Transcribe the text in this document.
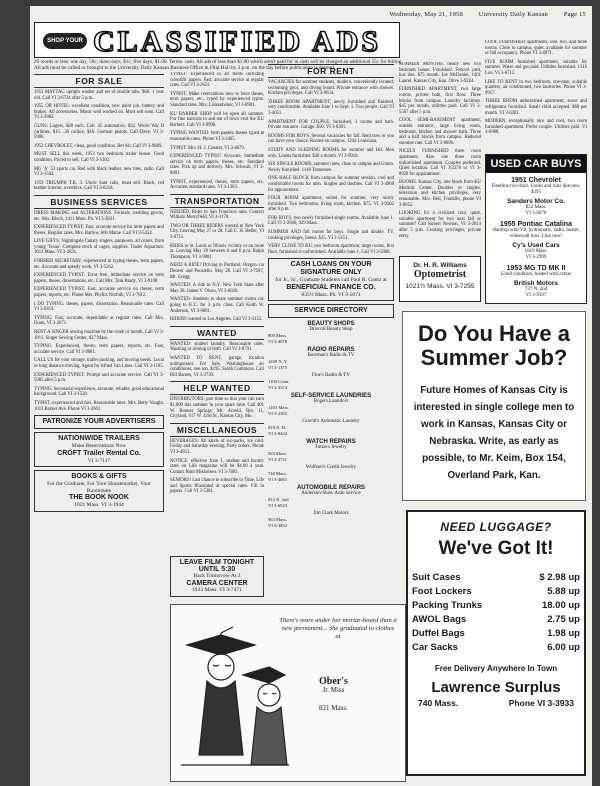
Wednesday, May 21, 1958 University Daily Kansan Page 15
SHOP YOUR CLASSIFIED ADS
20 words or less: one day, 50c; three days, $1c; five days, $1.00. Terms: cash. All ads of less than $1.00 which aren't paid for in cash will be charged an additional 25c for billing. All ads must be called or brought to the University Daily Kansan Business Office in Flint Hall by 3 p.m. on the day before publication is desired.
FOR SALE

1953 MAYTAG upright washer and set of double tubs. $60. 1 year old. Call VI 3-6724 after 5 p.m.

1955 OR HOTEL: excellent condition, new paint job, battery and brakes. All accessories. Motor well worked on. Must sell soon. Call VI 3-2882.

GUNS: Lugers, $28 each. Colt .45 automatics, $32. World War II carbines, $15. .30 calibre, $16. German pistols. Call Dave, VI 3-5906.

1952 CHEVROLET, clean, good condition. Bel Air. Call VI 3-9889.

MUST SELL this week, 1953 two bedroom trailer house. Good condition. Priced to sell. Call VI 3-1102.

MG 'A' '53 sports car. Red with black leather, new tires, radio. Call VI 3-1564.

1959 TRIUMPH T.R. 3. Uncle Sam calls, must sell. Black, red leather interior, overdrive. Call VI 3-8218.

BUSINESS SERVICES

DRESS MAKING and ALTERATIONS. Formals, wedding gowns, etc. Mrs. Bloch, 1411 Mass. Ph. VI 3-3041.

EXPERIENCED TYPIST: Fast, accurate service for term papers and theses. Regular rates. Mrs. Barlow, 606 Maine. Call VI 3-5454.

LIVE GIFTS: Nightingale Canary singers, parakeets, all colors, from young 'Texas'. Complete stock of cages, supplies. Trader Aquarium. 1613 Mass. VI 3-2831.

FORMER SECRETARY, experienced in typing theses, term papers, etc. Accurate and speedy work. VI 3-5262.

EXPERIENCED TYPIST: Error free, immediate service on term papers, theses, dissertations, etc. Call Mrs. Tom Brady, VI 3-9108.

EXPERIENCED TYPIST: Fast, accurate service on theses, term papers, reports, etc. Phone Mrs. Phyllis Norfolk, VI 3-7812.

I DO TYPING: theses, papers, dissertation. Reasonable rates. Call VI 3-9413.

TYPING: Fast, accurate, dependable at regular rates. Call Mrs. Dunn, VI 3-2671.

RENT A SINGER sewing machine by the week or month. Call VI 3-1811. Singer Sewing Center, 827 Mass.

TYPING: Experienced, theses, term papers, reports, etc. Fast, accurate service. Call VI 3-9881.

CALL US for your storage, trailer packing, and moving needs. Local or long distance moving. Agent for Allied Van Lines. Call VI 3-1185.

EXPERIENCED TYPIST: Prompt and accurate service. Call VI 3-5985 after 5 p.m.

TYPING: Secretarial experience, accurate, reliable, good educational background. Call VI 3-1528.

TYPIST, experienced and fast. Reasonable rates. Mrs. Betty Vaught. 1013 Barker Ave. Phone VI 3-2661.

PATRONIZE YOUR ADVERTISERS
NATIONWIDE TRAILERS
Make Reservations Now

CROFT Trailer Rental Co.
VI 3-7117
BOOKS & GIFTS
For the Graduate, For Your Housemother, Your Roommate
THE BOOK NOOK
1021 Mass. VI 3-1944

TYPIST: Experienced in all fields including scientific papers. Fast, accurate service at regular rates. Call VI 3-2623.

TYPIST: Make reservations now to have theses, term papers, etc., typed by experienced typist. Standard rates. Mrs. Linkenhoker, VI 3-8981.

KU BARBER SHOP will be open all summer. For fine haircuts in and out of town visit the KU Barbers. Call VI 3-9906.

TYPING WANTED: term papers, theses typed at reasonable rates. Phone VI 3-3465.

TYPIST: Mrs. H. J. Coester, VI 3-4679.

EXPERIENCED TYPIST: Accurate, immediate service on term papers, theses, etc. Standard rates. Pick up and delivery. Mrs. Schwab, VI 3-8801.

TYPIST, experienced, theses, term papers, etc. Accurate, standard rates. VI 3-1363.

TRANSPORTATION

NEEDED: Rider to San Francisco area. Contact William Merryfield, VI 3-1170.

TWO OR THREE RIDERS wanted to New York City. Leaving May 27 or 28. Call C. H. Heller, VI 3-9711.

RIDES to St. Louis or Illinois vicinity or on route at. Leaving May 28 between 6 and 6 p.m. Ralph Thompson, VI 3-9881.

NEED A RIDE? Driving to Portland, Oregon via Denver and Pocatello. May 28. Call VI 3-7587, Mr. Gregg.

WANTED: A ride to N.Y. New York State after May 28. James V. Olson, VI 3-6020.

WANTED: Students to share summer rooms car going to K.C. for 3 p.m. class. Call Keith W. Anderson, VI 3-6081.

RIDERS wanted to Los Angeles. Call VI 3-3152.

WANTED

WANTED: student laundry. Reasonable rates. Washing or ironing or both. Call VI 3-8791.

WANTED TO RENT, garage, location unimportant. For Sale, Washinghouse air conditioner, one ton. $195. South Commons. Call Bill Barnes, VI 3-3739.

HELP WANTED

DISTRIBUTORS: part time so that your can earn $1,000 this summer in your spare time. Call 401 W. Bonner Springs. Mr. Arnold, Rm. 11, Cityland, 617 W. 43rd St., Kansas City, Mo.

MISCELLANEOUS

BEVERAGES: All kinds of six-packs, ice cold. Friday and Saturday evening. Party orders. Phone VI 3-4813.

NOTICE: effective June 1, student and faculty rates on Life magazine will be $4.00 a year. Contact Ruth Mikkelsen. VI 3-7883.

SENIORS! Last chance to subscribe to Time, Life and Sports Illustrated at special rates. Fill in papers. Call VI 3-5381.

LEAVE FILM TONIGHT UNTIL 5:30
Back Tomorrow At 2

CAMERA CENTER
1033 Mass. VI 3-7471
FOR RENT

VACANCIES for summer students, modern, conveniently located; swimming pool, and diving board. Private entrance with shower. Kitchen privileges. Call VI 3-9654.

THREE ROOM APARTMENT, newly furnished and finished, very comfortable. Available June 1 to Sept. 1. Two people. Call VI 3-4051.

APARTMENT FOR COUPLE, furnished, 3 rooms and bath. Private entrance. Garage. $50. VI 3-6381.

ROOMS FOR BOYS. Several vacancies for fall. Rent now or you can have your choice. Rooms on campus. 1244 Louisiana.

STUDY AND SLEEPING ROOMS for summer and fall. Men only. Linens furnished. $30 a month. VI 3-9910.

SIX SINGLE ROOMS, summer rates, close to campus and Union. Newly furnished. 1146 Tennessee.

ONE-HALF BLOCK from campus for summer session, cool and comfortable rooms for men. Singles and doubles. Call VI 3-4968 for appointment.

FOUR ROOM apartment, suited for summer, very nicely furnished. Two bedrooms, living room, kitchen. $75. VI 3-9302 after 6 p.m.

FOR BOYS, two newly furnished single rooms. Available June 1. Call VI 3-2666, 929 Mass.

SUMMER AND fall rooms for boys. Single and double. TV, cooking privileges, linens. $35. VI 3-5151.

VERY CLOSE TO KU, two bedroom apartment, large rooms, first floor, furnished or unfurnished. Available June 1. Call VI 3-5068.

CASH LOANS ON YOUR SIGNATURE ONLY
for Jr., Sr., Graduate Students call Paul R. Gantz at
BENEFICIAL FINANCE CO.
835½ Mass. Ph. VI 3-5074
SERVICE DIRECTORY
BEAUTY SHOPS
Driscoll Beauty Shop
800 Mass.
VI 3-4078
RADIO REPAIRS
Bowman's Radio & TV
1200 N. Y.
VI 3-1375
Fine's Radio & TV
1100 Conn.
VI 3-3374
SELF-SERVICE LAUNDRIES
Rogers Laundr-It
1403 Mass.
VI 3-2383
Gravitt's Automatic Laundry
819 N. H.
VI 3-8444
WATCH REPAIRS
Fatzers Jewelry
920 Mass.
VI 3-4721
Wolfson's Credit Jewelry
740 Mass.
VI 3-4061
AUTOMOBILE REPAIRS
Anderson-Shaw Auto Service
812 N. 2nd
VI 3-6943
Jim Clark Motors
963 Mass.
VI 3-3852

SUMMER MONTHS, nearly new two bedroom house. Furnished. Fenced yard, bus line. $75 month. Joe McDaniel, 1401 Laurel. Kansas City, Kan. Olive 3-9224.

FURNISHED APARTMENT, two large rooms, private bath, first floor. Three blocks from campus. Laundry facilities. $45 per month, utilities paid. Call VI 3-5587 after 5 p.m.

COOL SEMI-BASEMENT apartment, outside entrance, large living room, bedroom, kitchen and shower bath. Three and a half blocks from campus. Reduced summer rate. Call VI 3-8696.

NICELY FURNISHED three room apartment. Also one three room unfurnished apartment. Couples preferred. Quiet location. Call VI 3-2276 or VI 3-8928 for appointment.

ROOMS. Kansas City, one block from KU Medical Center. Doubles or singles, television and kitchen privileges, very reasonable. Mrs. Bell, Franklin, phone VI 3-8852.

LOOKING for a civilized cool, quiet, suitable apartment for two next fall or summer? Call Robert Newton, VI 3-2814 after 5 p.m. Cooking privileges, private entry.

Dr. H. R. Williams
Optometrist
1021½ Mass. VI 3-7255

COOL FURNISHED apartments, one, two, and three rooms. Close to campus, quiet, available for summer or fall occupancy. Phone VI 3-4871.

FIVE ROOM furnished apartment, suitable for summer. Water and gas paid. Utilities furnished. 1316 Lou. VI 3-6712.

LIKE TO RENT in two bedroom, one-man, suitable quarters, air conditioned, two lavatories. Phone VI 3-9917.

THREE ROOM unfurnished apartment, stove and refrigerator furnished. Small child accepted. $68 per month. VI 3-6381.

MODERN, exceptionally nice and cool, two room furnished apartment. Prefer couple. Utilities paid. VI 3-6988.

USED CAR BUYS
1951 Chevrolet
Fleetline two door. Looks and runs like new. $395
Sanders Motor Co.
822 Mass.
VI 3-6070
1955 Pontiac Catalina
Hardtop with V8, hydramatic, radio, heater, whitewall tires. Like new!
Cy's Used Cars
1019 Mass.
VI 3-2999
1953 MG TD MK II
Good condition, loaded with extras
British Motors
727 N. 2nd
VI 3-9397
Do You Have a Summer Job?
Future Homes of Kansas City is interested in single college men to work in Kansas, Kansas City or Nebraska. Write, as early as possible, to Mr. Keim, Box 154, Overland Park, Kan.
There's more under her mortar-board than a new permanent... She graduated to clothes at
Ober's
Jr. Miss

821 Mass.
NEED LUGGAGE?
We've Got It!
Suit Cases	$ 2.98 up
Foot Lockers	5.88 up
Packing Trunks	18.00 up
AWOL Bags	2.75 up
Duffel Bags	1.98 up
Car Sacks	6.00 up
Free Delivery Anywhere In Town
Lawrence Surplus
740 Mass.	Phone VI 3-3933
